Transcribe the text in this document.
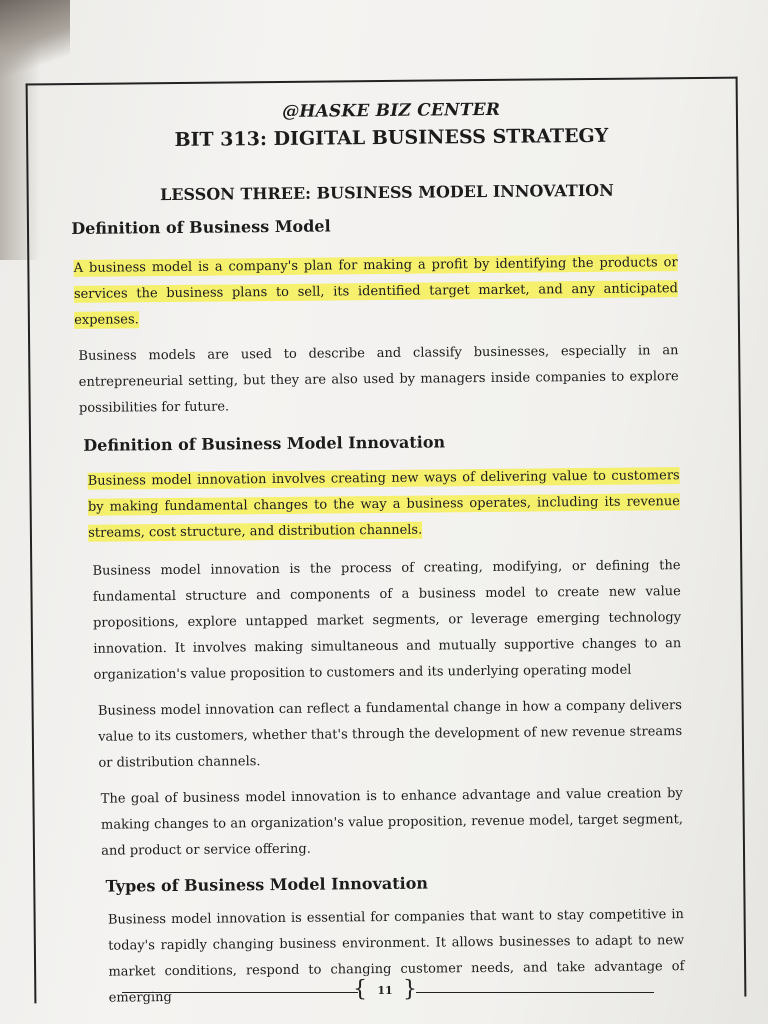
@HASKE BIZ CENTER
BIT 313: DIGITAL BUSINESS STRATEGY
LESSON THREE: BUSINESS MODEL INNOVATION
Definition of Business Model

A business model is a company's plan for making a profit by identifying the products or services the business plans to sell, its identified target market, and any anticipated expenses.

Business models are used to describe and classify businesses, especially in an entrepreneurial setting, but they are also used by managers inside companies to explore possibilities for future.

Definition of Business Model Innovation

Business model innovation involves creating new ways of delivering value to customers by making fundamental changes to the way a business operates, including its revenue streams, cost structure, and distribution channels.

Business model innovation is the process of creating, modifying, or defining the fundamental structure and components of a business model to create new value propositions, explore untapped market segments, or leverage emerging technology innovation. It involves making simultaneous and mutually supportive changes to an organization's value proposition to customers and its underlying operating model

Business model innovation can reflect a fundamental change in how a company delivers value to its customers, whether that's through the development of new revenue streams or distribution channels.

The goal of business model innovation is to enhance advantage and value creation by making changes to an organization's value proposition, revenue model, target segment, and product or service offering.

Types of Business Model Innovation

Business model innovation is essential for companies that want to stay competitive in today's rapidly changing business environment. It allows businesses to adapt to new market conditions, respond to changing customer needs, and take advantage of emerging	{ 11 }
